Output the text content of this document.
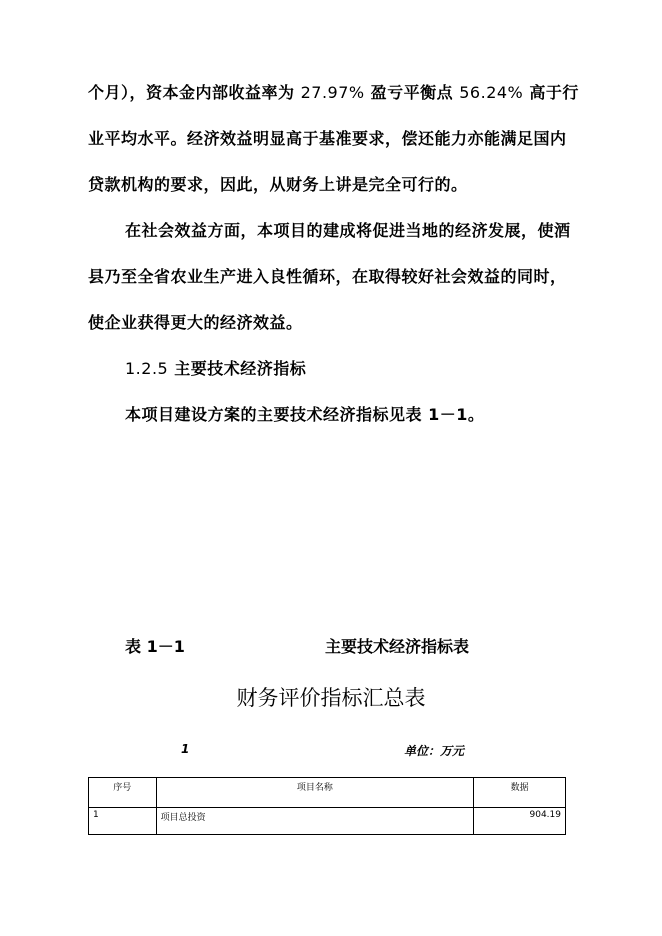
个月），资本金内部收益率为 27.97% 盈亏平衡点 56.24% 高于行
业平均水平。经济效益明显高于基准要求，偿还能力亦能满足国内
贷款机构的要求，因此，从财务上讲是完全可行的。
在社会效益方面，本项目的建成将促进当地的经济发展，使酒
县乃至全省农业生产进入良性循环，在取得较好社会效益的同时，
使企业获得更大的经济效益。
1.2.5 主要技术经济指标
本项目建设方案的主要技术经济指标见表 1－1。
表 1－1	主要技术经济指标表
财务评价指标汇总表
1	单位：万元
序号	项目名称	数据
1	项目总投资	904.19
